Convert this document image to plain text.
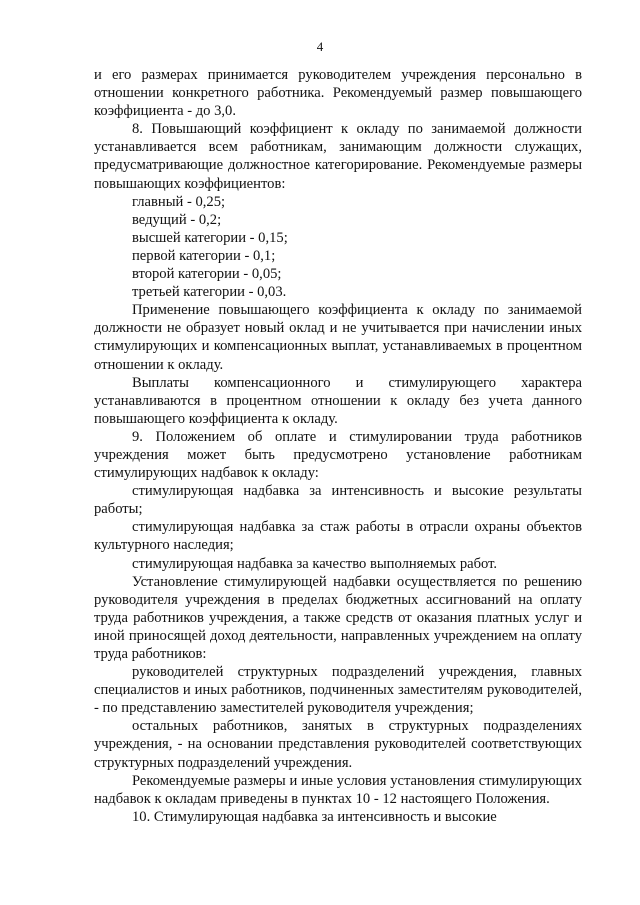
4

и его размерах принимается руководителем учреждения персонально в отношении конкретного работника. Рекомендуемый размер повышающего коэффициента - до 3,0.

8. Повышающий коэффициент к окладу по занимаемой должности устанавливается всем работникам, занимающим должности служащих, предусматривающие должностное категорирование. Рекомендуемые размеры повышающих коэффициентов:

главный - 0,25;

ведущий - 0,2;

высшей категории - 0,15;

первой категории - 0,1;

второй категории - 0,05;

третьей категории - 0,03.

Применение повышающего коэффициента к окладу по занимаемой должности не образует новый оклад и не учитывается при начислении иных стимулирующих и компенсационных выплат, устанавливаемых в процентном отношении к окладу.

Выплаты компенсационного и стимулирующего характера устанавливаются в процентном отношении к окладу без учета данного повышающего коэффициента к окладу.

9. Положением об оплате и стимулировании труда работников учреждения может быть предусмотрено установление работникам стимулирующих надбавок к окладу:

стимулирующая надбавка за интенсивность и высокие результаты работы;

стимулирующая надбавка за стаж работы в отрасли охраны объектов культурного наследия;

стимулирующая надбавка за качество выполняемых работ.

Установление стимулирующей надбавки осуществляется по решению руководителя учреждения в пределах бюджетных ассигнований на оплату труда работников учреждения, а также средств от оказания платных услуг и иной приносящей доход деятельности, направленных учреждением на оплату труда работников:

руководителей структурных подразделений учреждения, главных специалистов и иных работников, подчиненных заместителям руководителей, - по представлению заместителей руководителя учреждения;

остальных работников, занятых в структурных подразделениях учреждения, - на основании представления руководителей соответствующих структурных подразделений учреждения.

Рекомендуемые размеры и иные условия установления стимулирующих надбавок к окладам приведены в пунктах 10 - 12 настоящего Положения.

10. Стимулирующая надбавка за интенсивность и высокие
